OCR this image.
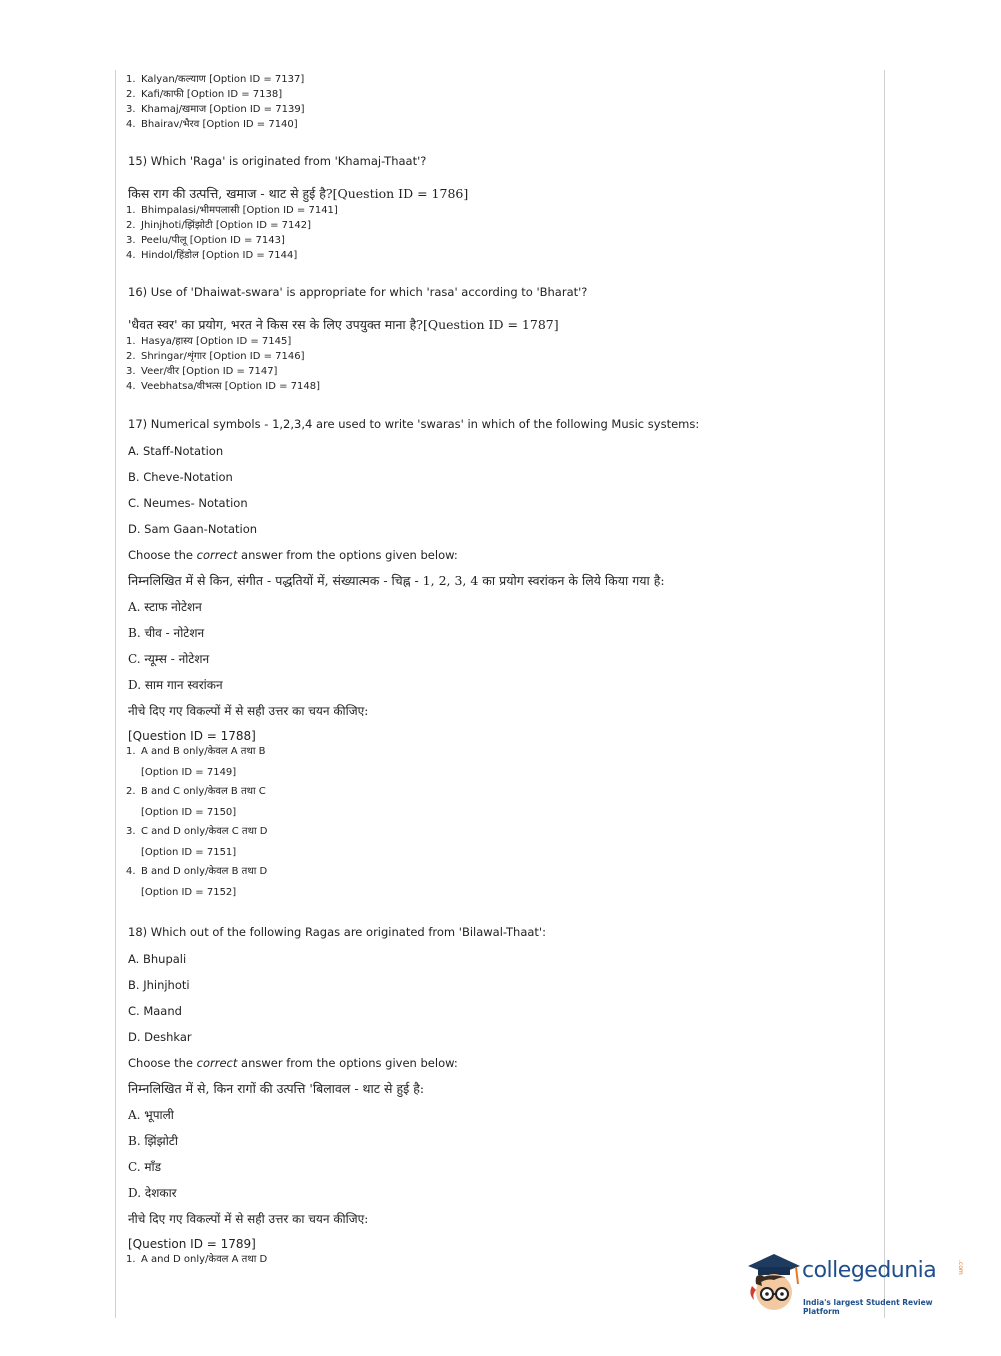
1. Kalyan/कल्याण [Option ID = 7137]
2. Kafi/काफी [Option ID = 7138]
3. Khamaj/खमाज [Option ID = 7139]
4. Bhairav/भैरव [Option ID = 7140]

15) Which 'Raga' is originated from 'Khamaj-Thaat'?

किस राग की उत्पत्ति, खमाज - थाट से हुई है?[Question ID = 1786]

1. Bhimpalasi/भीमपलासी [Option ID = 7141]
2. Jhinjhoti/झिंझोटी [Option ID = 7142]
3. Peelu/पीलू [Option ID = 7143]
4. Hindol/हिंडोल [Option ID = 7144]

16) Use of 'Dhaiwat-swara' is appropriate for which 'rasa' according to 'Bharat'?

'धैवत स्वर' का प्रयोग, भरत ने किस रस के लिए उपयुक्त माना है?[Question ID = 1787]

1. Hasya/हास्य [Option ID = 7145]
2. Shringar/शृंगार [Option ID = 7146]
3. Veer/वीर [Option ID = 7147]
4. Veebhatsa/वीभत्स [Option ID = 7148]

17) Numerical symbols - 1,2,3,4 are used to write 'swaras' in which of the following Music systems:

A. Staff-Notation

B. Cheve-Notation

C. Neumes- Notation

D. Sam Gaan-Notation

Choose the correct answer from the options given below:

निम्नलिखित में से किन, संगीत - पद्धतियों में, संख्यात्मक - चिह्न - 1, 2, 3, 4 का प्रयोग स्वरांकन के लिये किया गया है:

A. स्टाफ नोटेशन

B. चीव - नोटेशन

C. न्यूम्स - नोटेशन

D. साम गान स्वरांकन

नीचे दिए गए विकल्पों में से सही उत्तर का चयन कीजिए:

[Question ID = 1788]

1. A and B only/केवल A तथा B
[Option ID = 7149]
2. B and C only/केवल B तथा C
[Option ID = 7150]
3. C and D only/केवल C तथा D
[Option ID = 7151]
4. B and D only/केवल B तथा D
[Option ID = 7152]

18) Which out of the following Ragas are originated from 'Bilawal-Thaat':

A. Bhupali

B. Jhinjhoti

C. Maand

D. Deshkar

Choose the correct answer from the options given below:

निम्नलिखित में से, किन रागों की उत्पत्ति 'बिलावल - थाट से हुई है:

A. भूपाली

B. झिंझोटी

C. माँड

D. देशकार

नीचे दिए गए विकल्पों में से सही उत्तर का चयन कीजिए:

[Question ID = 1789]

1. A and D only/केवल A तथा D	collegedunia	.com
India's largest Student Review Platform
